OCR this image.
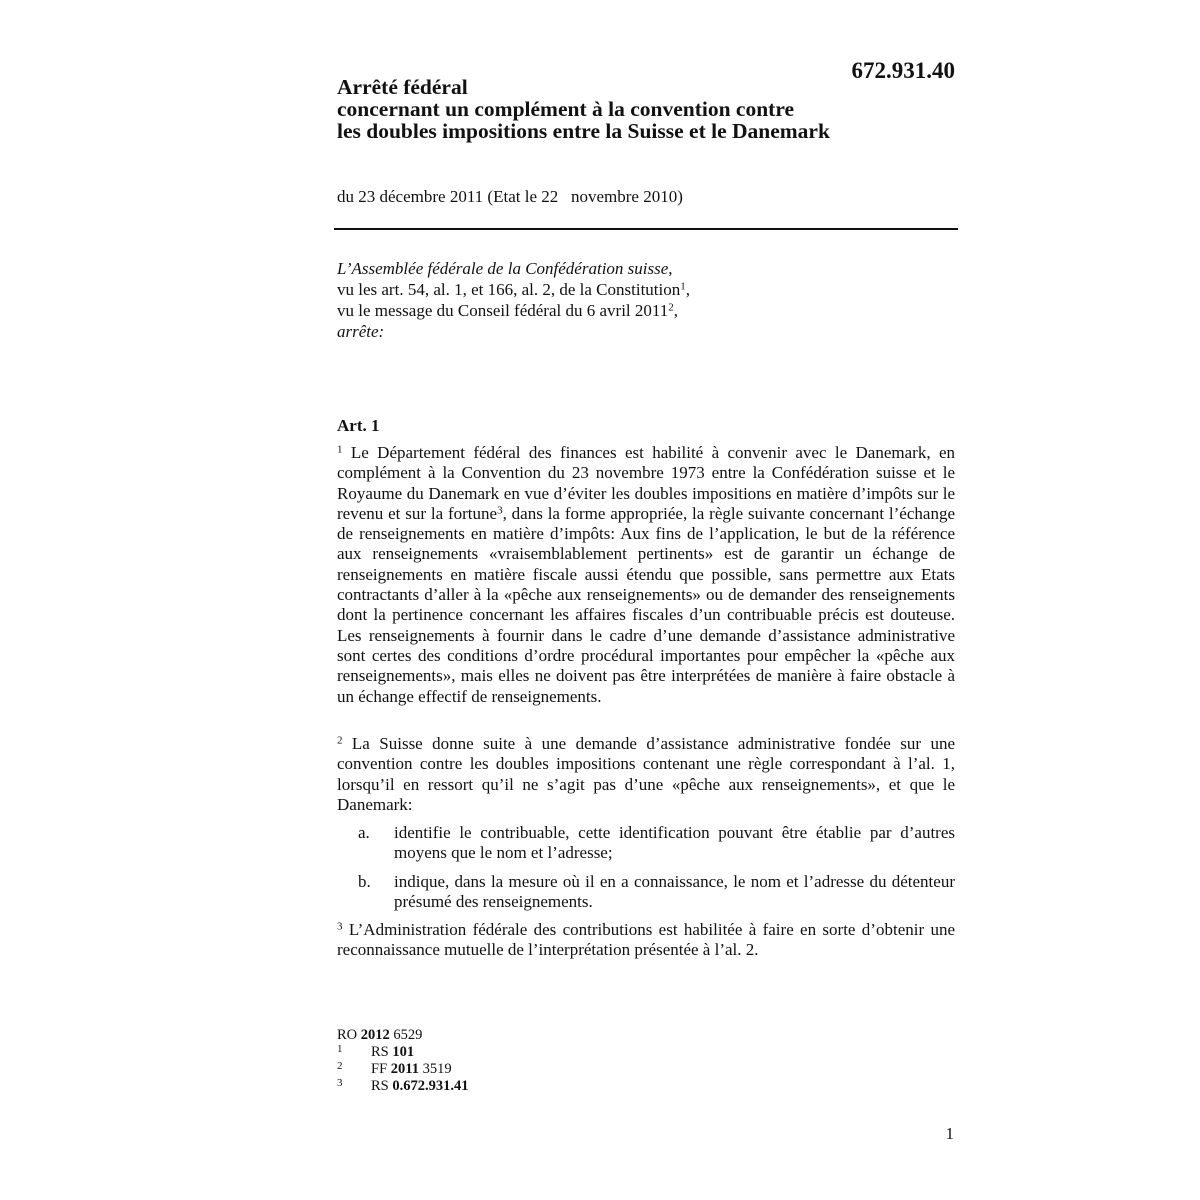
672.931.40
Arrêté fédéral
concernant un complément à la convention contre
les doubles impositions entre la Suisse et le Danemark
du 23 décembre 2011 (Etat le 22   novembre 2010)
L’Assemblée fédérale de la Confédération suisse,
vu les art. 54, al. 1, et 166, al. 2, de la Constitution$^1$,
vu le message du Conseil fédéral du 6 avril 2011$^2$,
arrête:
Art. 1
$^1$ Le Département fédéral des finances est habilité à convenir avec le Danemark, en complément à la Convention du 23 novembre 1973 entre la Confédération suisse et le Royaume du Danemark en vue d’éviter les doubles impositions en matière d’impôts sur le revenu et sur la fortune$^3$, dans la forme appropriée, la règle suivante concernant l’échange de renseignements en matière d’impôts: Aux fins de l’application, le but de la référence aux renseignements «vraisemblablement pertinents» est de garantir un échange de renseignements en matière fiscale aussi étendu que possible, sans permettre aux Etats contractants d’aller à la «pêche aux renseignements» ou de demander des renseignements dont la pertinence concernant les affaires fiscales d’un contribuable précis est douteuse. Les renseignements à fournir dans le cadre d’une demande d’assistance administrative sont certes des conditions d’ordre procédural importantes pour empêcher la «pêche aux renseignements», mais elles ne doivent pas être interprétées de manière à faire obstacle à un échange effectif de renseignements.
$^2$ La Suisse donne suite à une demande d’assistance administrative fondée sur une convention contre les doubles impositions contenant une règle correspondant à l’al. 1, lorsqu’il en ressort qu’il ne s’agit pas d’une «pêche aux renseignements», et que le Danemark:
a. identifie le contribuable, cette identification pouvant être établie par d’autres moyens que le nom et l’adresse;
b. indique, dans la mesure où il en a connaissance, le nom et l’adresse du détenteur présumé des renseignements.
$^3$ L’Administration fédérale des contributions est habilitée à faire en sorte d’obtenir une reconnaissance mutuelle de l’interprétation présentée à l’al. 2.
RO 2012 6529
1 RS 101
2 FF 2011 3519
3 RS 0.672.931.41
1
